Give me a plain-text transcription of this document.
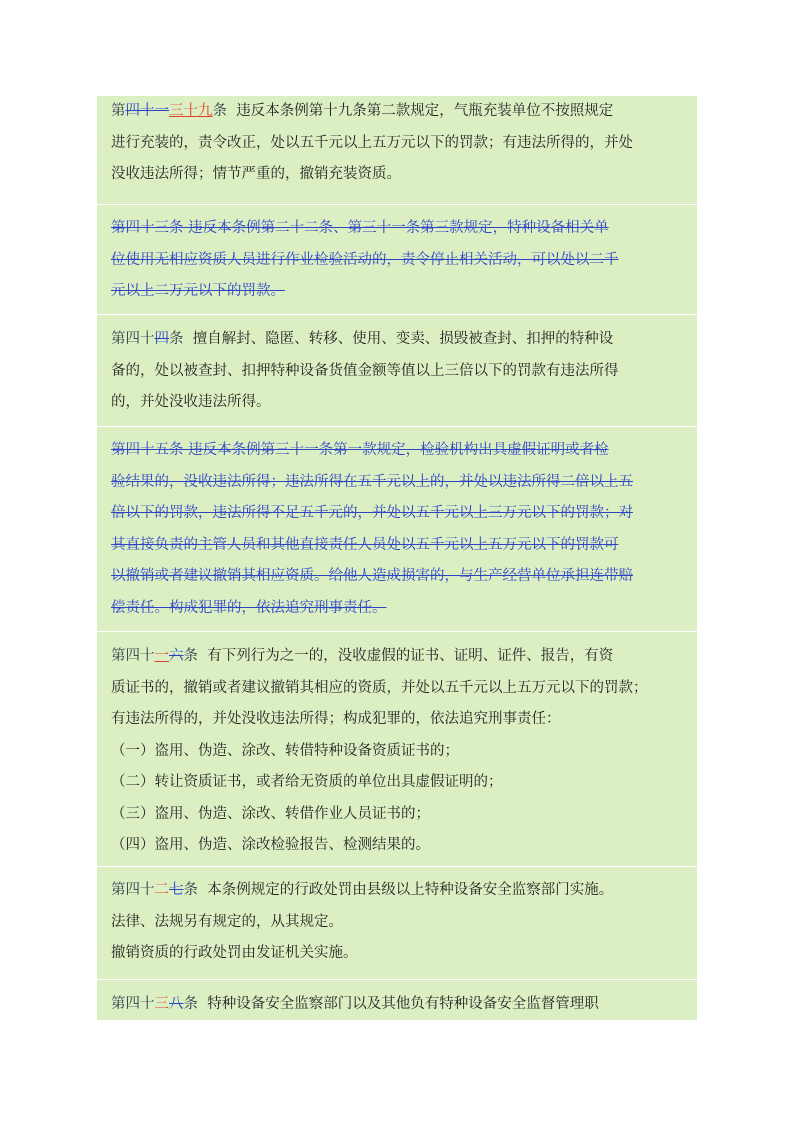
第四十一三十九条 违反本条例第十九条第二款规定，气瓶充装单位不按照规定

进行充装的，责令改正，处以五千元以上五万元以下的罚款；有违法所得的，并处

没收违法所得；情节严重的，撤销充装资质。

第四十三条 违反本条例第二十二条、第三十一条第三款规定，特种设备相关单

位使用无相应资质人员进行作业检验活动的，责令停止相关活动，可以处以二千

元以上二万元以下的罚款。

第四十四条 擅自解封、隐匿、转移、使用、变卖、损毁被查封、扣押的特种设

备的，处以被查封、扣押特种设备货值金额等值以上三倍以下的罚款有违法所得

的，并处没收违法所得。

第四十五条 违反本条例第三十一条第一款规定，检验机构出具虚假证明或者检

验结果的，没收违法所得；违法所得在五千元以上的，并处以违法所得二倍以上五

倍以下的罚款，违法所得不足五千元的，并处以五千元以上三万元以下的罚款；对

其直接负责的主管人员和其他直接责任人员处以五千元以上五万元以下的罚款可

以撤销或者建议撤销其相应资质。给他人造成损害的，与生产经营单位承担连带赔

偿责任。构成犯罪的，依法追究刑事责任。

第四十一六条 有下列行为之一的，没收虚假的证书、证明、证件、报告，有资

质证书的，撤销或者建议撤销其相应的资质，并处以五千元以上五万元以下的罚款；

有违法所得的，并处没收违法所得；构成犯罪的，依法追究刑事责任：

（一）盗用、伪造、涂改、转借特种设备资质证书的；

（二）转让资质证书，或者给无资质的单位出具虚假证明的；

（三）盗用、伪造、涂改、转借作业人员证书的；

（四）盗用、伪造、涂改检验报告、检测结果的。

第四十二七条 本条例规定的行政处罚由县级以上特种设备安全监察部门实施。

法律、法规另有规定的，从其规定。

撤销资质的行政处罚由发证机关实施。

第四十三八条 特种设备安全监察部门以及其他负有特种设备安全监督管理职
